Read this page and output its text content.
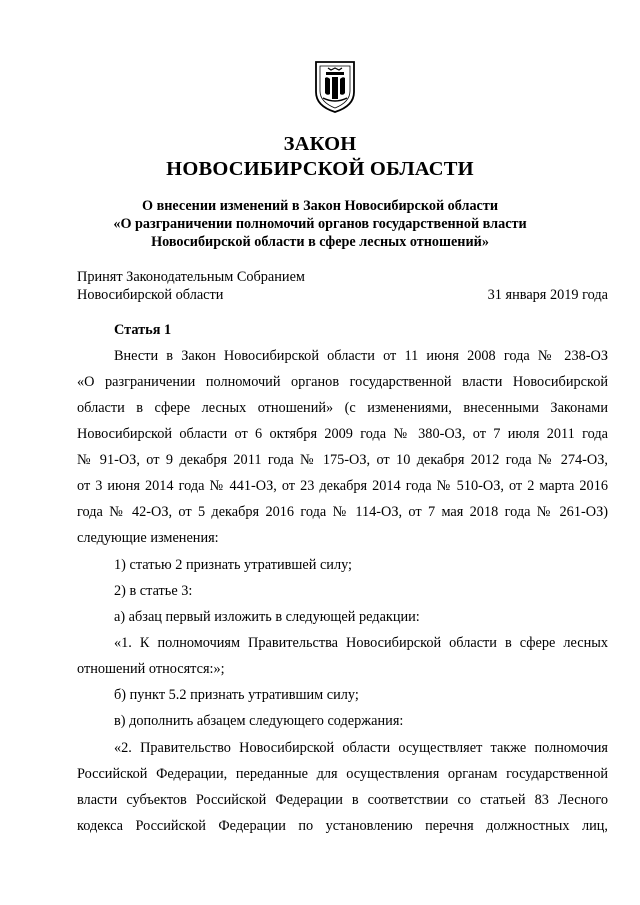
ЗАКОН
НОВОСИБИРСКОЙ ОБЛАСТИ
О внесении изменений в Закон Новосибирской области
«О разграничении полномочий органов государственной власти
Новосибирской области в сфере лесных отношений»
Принят Законодательным Собранием
Новосибирской области	31 января 2019 года
Статья 1
Внести в Закон Новосибирской области от 11 июня 2008 года № 238-ОЗ
«О разграничении полномочий органов государственной власти Новосибирской
области в сфере лесных отношений» (с изменениями, внесенными Законами
Новосибирской области от 6 октября 2009 года № 380-ОЗ, от 7 июля 2011 года
№ 91-ОЗ, от 9 декабря 2011 года № 175-ОЗ, от 10 декабря 2012 года № 274-ОЗ,
от 3 июня 2014 года № 441-ОЗ, от 23 декабря 2014 года № 510-ОЗ, от 2 марта 2016
года № 42-ОЗ, от 5 декабря 2016 года № 114-ОЗ, от 7 мая 2018 года № 261-ОЗ)
следующие изменения:
1) статью 2 признать утратившей силу;
2) в статье 3:
а) абзац первый изложить в следующей редакции:
«1. К полномочиям Правительства Новосибирской области в сфере лесных
отношений относятся:»;
б) пункт 5.2 признать утратившим силу;
в) дополнить абзацем следующего содержания:
«2. Правительство Новосибирской области осуществляет также полномочия
Российской Федерации, переданные для осуществления органам государственной
власти субъектов Российской Федерации в соответствии со статьей 83 Лесного
кодекса Российской Федерации по установлению перечня должностных лиц,
